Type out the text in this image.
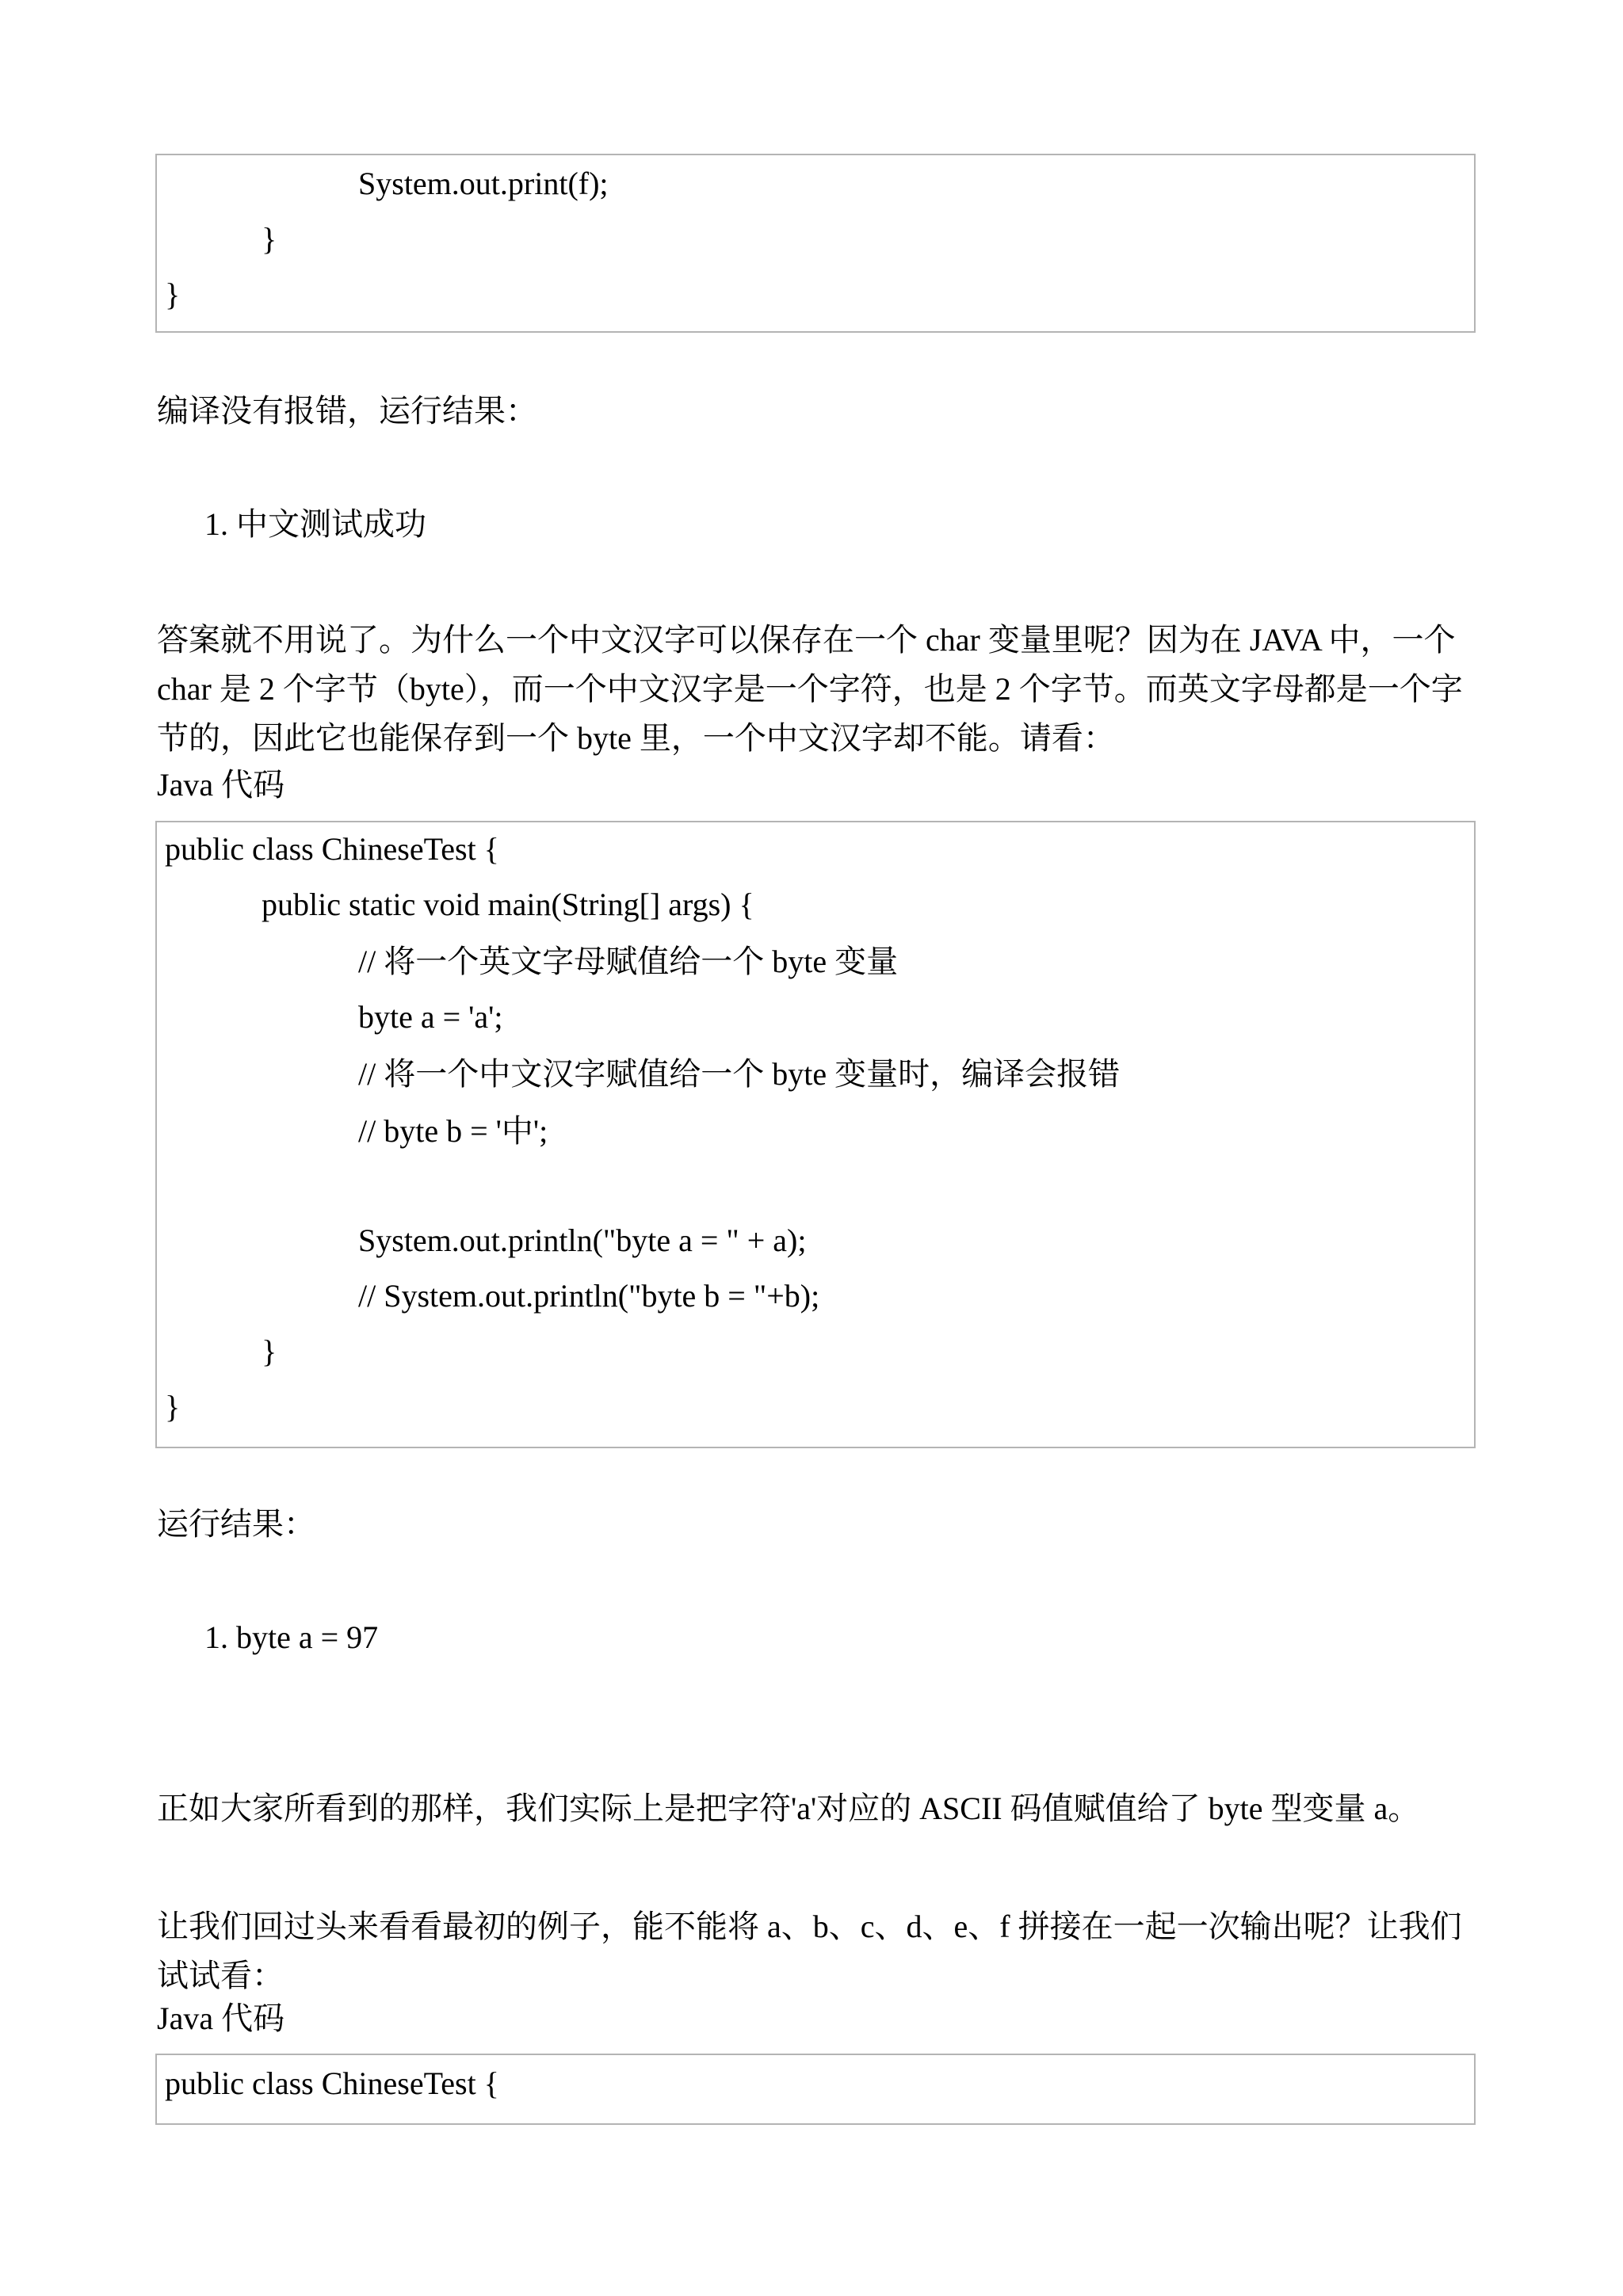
System.out.print(f);
}
}
编译没有报错，运行结果：
1. 中文测试成功
答案就不用说了。为什么一个中文汉字可以保存在一个 char 变量里呢？因为在 JAVA 中，一个 char 是 2 个字节（byte），而一个中文汉字是一个字符，也是 2 个字节。而英文字母都是一个字节的，因此它也能保存到一个 byte 里，一个中文汉字却不能。请看：
Java 代码
public class ChineseTest {
public static void main(String[] args) {
// 将一个英文字母赋值给一个 byte 变量
byte a = 'a';
// 将一个中文汉字赋值给一个 byte 变量时，编译会报错
// byte b = '中';
System.out.println("byte a = " + a);
// System.out.println("byte b = "+b);
}
}
运行结果：
1. byte a = 97
正如大家所看到的那样，我们实际上是把字符'a'对应的 ASCII 码值赋值给了 byte 型变量 a。
让我们回过头来看看最初的例子，能不能将 a、b、c、d、e、f 拼接在一起一次输出呢？让我们试试看：
Java 代码
public class ChineseTest {
